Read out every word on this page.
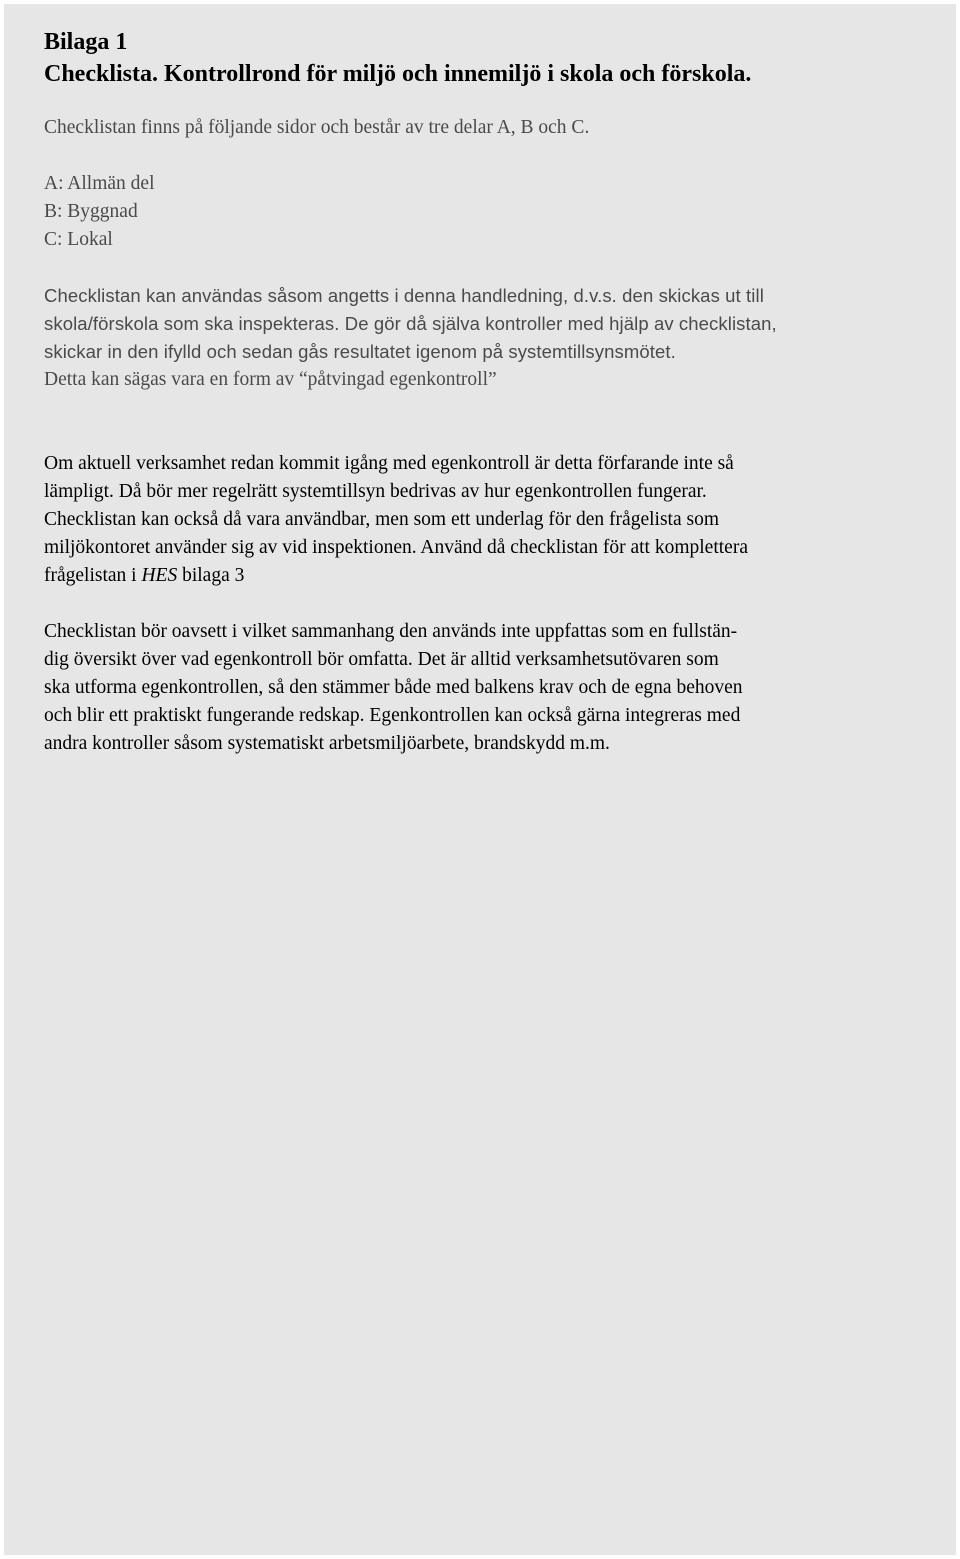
Bilaga 1
Checklista. Kontrollrond för miljö och innemiljö i skola och förskola.
Checklistan finns på följande sidor och består av tre delar A, B och C.
A: Allmän del
B: Byggnad
C: Lokal

Checklistan kan användas såsom angetts i denna handledning, d.v.s. den skickas ut till

skola/förskola som ska inspekteras. De gör då själva kontroller med hjälp av checklistan,

skickar in den ifylld och sedan gås resultatet igenom på systemtillsynsmötet.

Detta kan sägas vara en form av “påtvingad egenkontroll”

Om aktuell verksamhet redan kommit igång med egenkontroll är detta förfarande inte så

lämpligt. Då bör mer regelrätt systemtillsyn bedrivas av hur egenkontrollen fungerar.

Checklistan kan också då vara användbar, men som ett underlag för den frågelista som

miljökontoret använder sig av vid inspektionen. Använd då checklistan för att komplettera

frågelistan i HES bilaga 3

Checklistan bör oavsett i vilket sammanhang den används inte uppfattas som en fullstän-

dig översikt över vad egenkontroll bör omfatta. Det är alltid verksamhetsutövaren som

ska utforma egenkontrollen, så den stämmer både med balkens krav och de egna behoven

och blir ett praktiskt fungerande redskap. Egenkontrollen kan också gärna integreras med

andra kontroller såsom systematiskt arbetsmiljöarbete, brandskydd m.m.
